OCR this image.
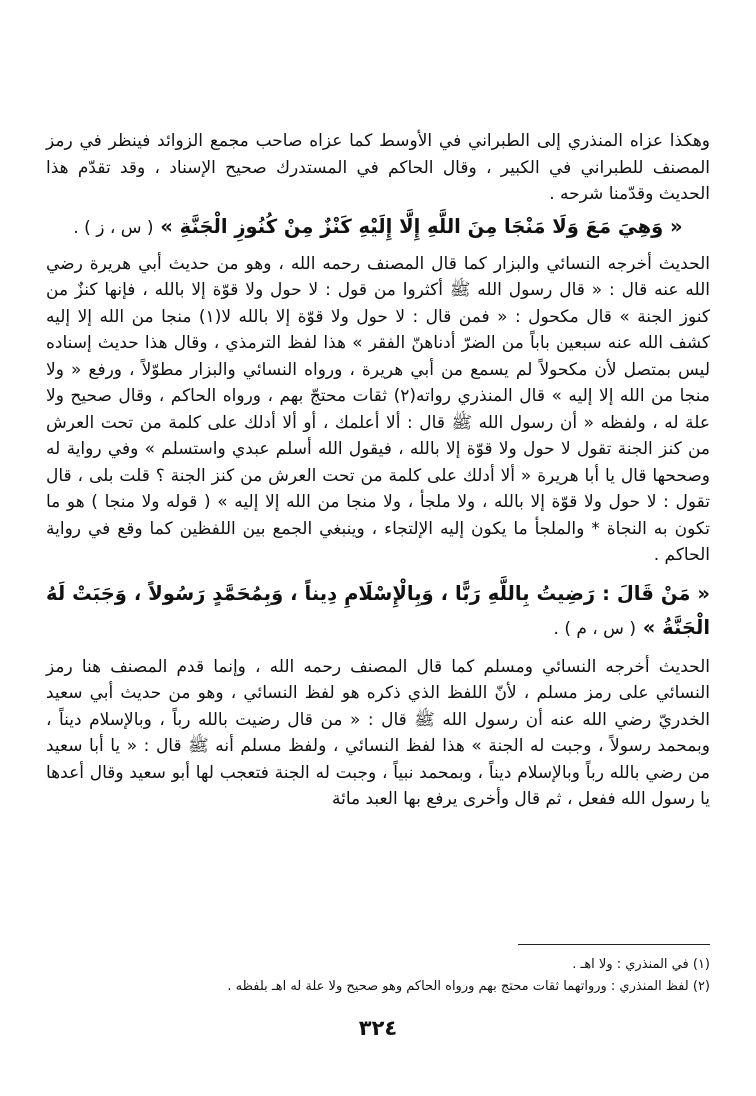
وهكذا عزاه المنذري إلى الطبراني في الأوسط كما عزاه صاحب مجمع الزوائد فينظر في رمز المصنف للطبراني في الكبير ، وقال الحاكم في المستدرك صحيح الإسناد ، وقد تقدّم هذا الحديث وقدّمنا شرحه .

« وَهِيَ مَعَ وَلَا مَنْجَا مِنَ اللَّهِ إِلَّا إِلَيْهِ كَنْزٌ مِنْ كُنُوزِ الْجَنَّةِ » ( س ، ز ) .

الحديث أخرجه النسائي والبزار كما قال المصنف رحمه الله ، وهو من حديث أبي هريرة رضي الله عنه قال : « قال رسول الله ﷺ أكثروا من قول : لا حول ولا قوّة إلا بالله ، فإنها كنزٌ من كنوز الجنة » قال مكحول : « فمن قال : لا حول ولا قوّة إلا بالله لا(١) منجا من الله إلا إليه كشف الله عنه سبعين باباً من الضرّ أدناهنّ الفقر » هذا لفظ الترمذي ، وقال هذا حديث إسناده ليس بمتصل لأن مكحولاً لم يسمع من أبي هريرة ، ورواه النسائي والبزار مطوّلاً ، ورفع « ولا منجا من الله إلا إليه » قال المنذري رواته(٢) ثقات محتجّ بهم ، ورواه الحاكم ، وقال صحيح ولا علة له ، ولفظه « أن رسول الله ﷺ قال : ألا أعلمك ، أو ألا أدلك على كلمة من تحت العرش من كنز الجنة تقول لا حول ولا قوّة إلا بالله ، فيقول الله أسلم عبدي واستسلم » وفي رواية له وصححها قال يا أبا هريرة « ألا أدلك على كلمة من تحت العرش من كنز الجنة ؟ قلت بلى ، قال تقول : لا حول ولا قوّة إلا بالله ، ولا ملجأ ، ولا منجا من الله إلا إليه » ( قوله ولا منجا ) هو ما تكون به النجاة * والملجأ ما يكون إليه الإلتجاء ، وينبغي الجمع بين اللفظين كما وقع في رواية الحاكم .

« مَنْ قَالَ : رَضِيتُ بِاللَّهِ رَبًّا ، وَبِالْإِسْلَامِ دِيناً ، وَبِمُحَمَّدٍ رَسُولاً ، وَجَبَتْ لَهُ الْجَنَّةُ » ( س ، م ) .

الحديث أخرجه النسائي ومسلم كما قال المصنف رحمه الله ، وإنما قدم المصنف هنا رمز النسائي على رمز مسلم ، لأنّ اللفظ الذي ذكره هو لفظ النسائي ، وهو من حديث أبي سعيد الخدريّ رضي الله عنه أن رسول الله ﷺ قال : « من قال رضيت بالله رباً ، وبالإسلام ديناً ، وبمحمد رسولاً ، وجبت له الجنة » هذا لفظ النسائي ، ولفظ مسلم أنه ﷺ قال : « يا أبا سعيد من رضي بالله رباً وبالإسلام ديناً ، وبمحمد نبياً ، وجبت له الجنة فتعجب لها أبو سعيد وقال أعدها يا رسول الله ففعل ، ثم قال وأخرى يرفع بها العبد مائة

(١) في المنذري : ولا اهـ .
(٢) لفظ المنذري : ورواتهما ثقات محتج بهم ورواه الحاكم وهو صحيح ولا علة له اهـ بلفظه .
٣٢٤
